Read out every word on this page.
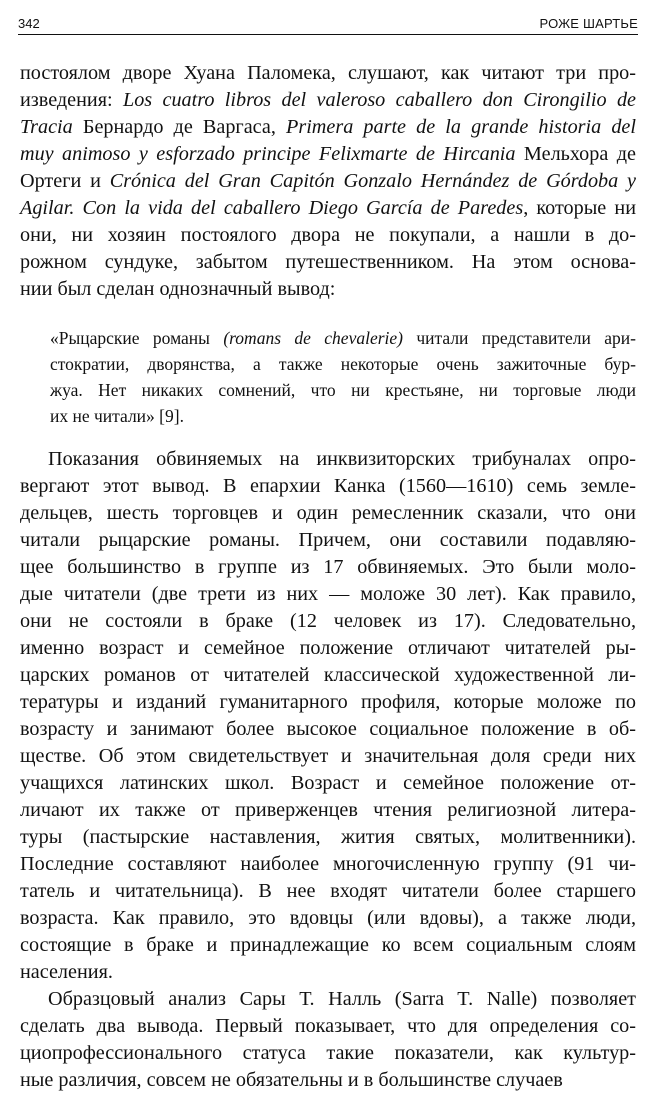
342	РОЖЕ ШАРТЬЕ
постоялом дворе Хуана Паломека, слушают, как читают три про-
изведения: Los cuatro libros del valeroso caballero don Cirongilio de
Tracia Бернардо де Варгаса, Primera parte de la grande historia del
muy animoso y esforzado principe Felixmarte de Hircania Мельхора де
Ортеги и Crónica del Gran Capitón Gonzalo Hernández de Górdoba y
Agilar. Con la vida del caballero Diego García de Paredes, которые ни
они, ни хозяин постоялого двора не покупали, а нашли в до-
рожном сундуке, забытом путешественником. На этом основа-
нии был сделан однозначный вывод:
«Рыцарские романы (romans de chevalerie) читали представители ари-
стократии, дворянства, а также некоторые очень зажиточные бур-
жуа. Нет никаких сомнений, что ни крестьяне, ни торговые люди
их не читали» [9].
Показания обвиняемых на инквизиторских трибуналах опро-
вергают этот вывод. В епархии Канка (1560—1610) семь земле-
дельцев, шесть торговцев и один ремесленник сказали, что они
читали рыцарские романы. Причем, они составили подавляю-
щее большинство в группе из 17 обвиняемых. Это были моло-
дые читатели (две трети из них — моложе 30 лет). Как правило,
они не состояли в браке (12 человек из 17). Следовательно,
именно возраст и семейное положение отличают читателей ры-
царских романов от читателей классической художественной ли-
тературы и изданий гуманитарного профиля, которые моложе по
возрасту и занимают более высокое социальное положение в об-
ществе. Об этом свидетельствует и значительная доля среди них
учащихся латинских школ. Возраст и семейное положение от-
личают их также от приверженцев чтения религиозной литера-
туры (пастырские наставления, жития святых, молитвенники).
Последние составляют наиболее многочисленную группу (91 чи-
татель и читательница). В нее входят читатели более старшего
возраста. Как правило, это вдовцы (или вдовы), а также люди,
состоящие в браке и принадлежащие ко всем социальным слоям
населения.
Образцовый анализ Сары Т. Налль (Sarra T. Nalle) позволяет
сделать два вывода. Первый показывает, что для определения со-
циопрофессионального статуса такие показатели, как культур-
ные различия, совсем не обязательны и в большинстве случаев
